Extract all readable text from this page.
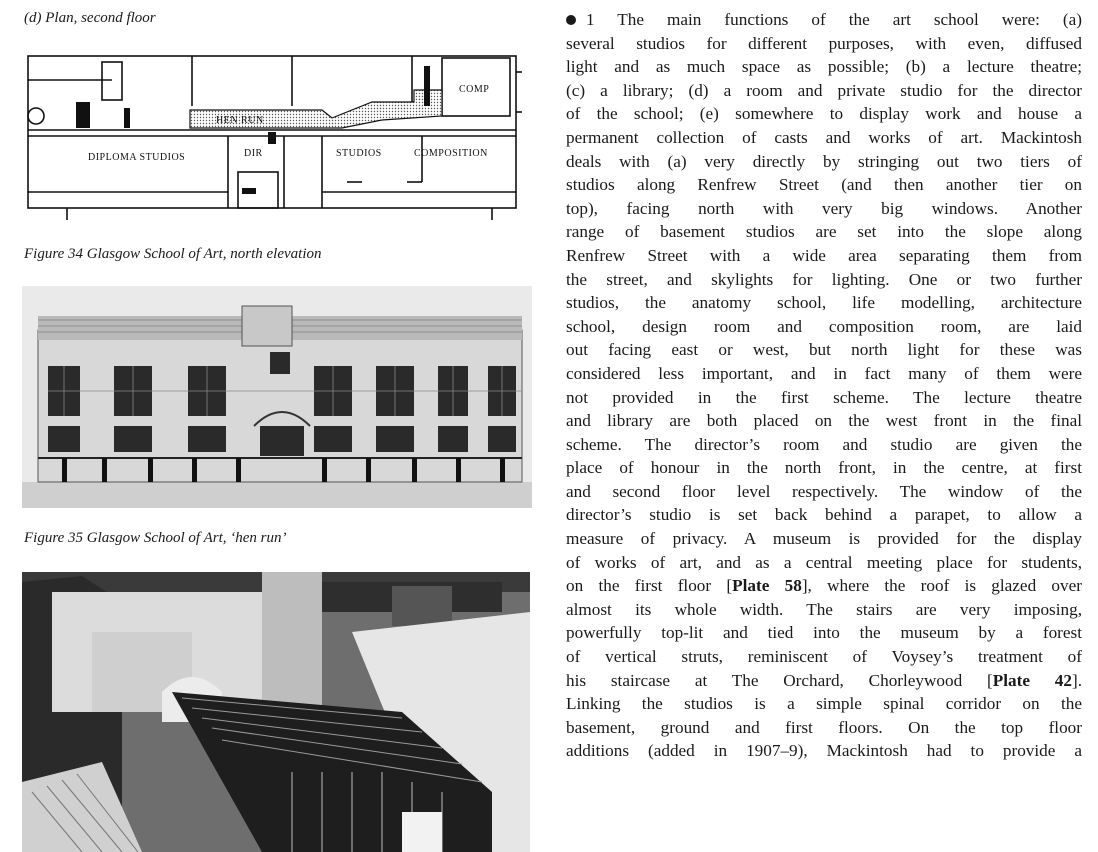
(d) Plan, second floor
COMP
HEN RUN
DIPLOMA STUDIOS	DIR	STUDIOS	COMPOSITION
Figure 34 Glasgow School of Art, north elevation
Figure 35 Glasgow School of Art, ‘hen run’

1 The main functions of the art school were: (a)

several studios for different purposes, with even, diffused

light and as much space as possible; (b) a lecture theatre;

(c) a library; (d) a room and private studio for the director

of the school; (e) somewhere to display work and house a

permanent collection of casts and works of art. Mackintosh

deals with (a) very directly by stringing out two tiers of

studios along Renfrew Street (and then another tier on

top), facing north with very big windows. Another

range of basement studios are set into the slope along

Renfrew Street with a wide area separating them from

the street, and skylights for lighting. One or two further

studios, the anatomy school, life modelling, architecture

school, design room and composition room, are laid

out facing east or west, but north light for these was

considered less important, and in fact many of them were

not provided in the first scheme. The lecture theatre

and library are both placed on the west front in the final

scheme. The director’s room and studio are given the

place of honour in the north front, in the centre, at first

and second floor level respectively. The window of the

director’s studio is set back behind a parapet, to allow a

measure of privacy. A museum is provided for the display

of works of art, and as a central meeting place for students,

on the first floor [Plate 58], where the roof is glazed over

almost its whole width. The stairs are very imposing,

powerfully top-lit and tied into the museum by a forest

of vertical struts, reminiscent of Voysey’s treatment of

his staircase at The Orchard, Chorleywood [Plate 42].

Linking the studios is a simple spinal corridor on the

basement, ground and first floors. On the top floor

additions (added in 1907–9), Mackintosh had to provide a
